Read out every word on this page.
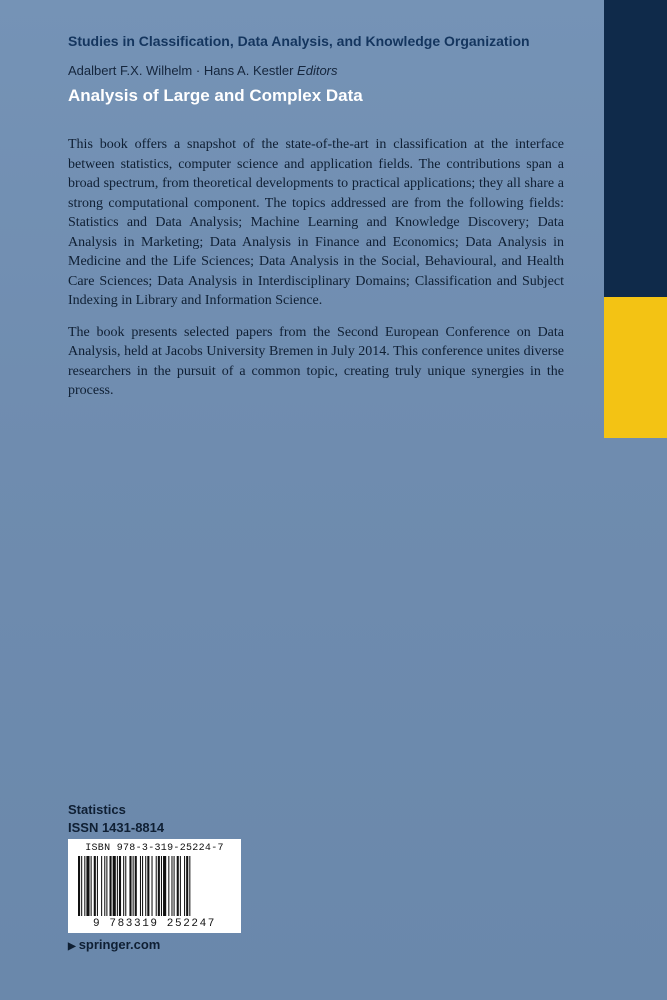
Studies in Classification, Data Analysis, and Knowledge Organization
Adalbert F.X. Wilhelm · Hans A. Kestler Editors
Analysis of Large and Complex Data

This book offers a snapshot of the state-of-the-art in classification at the interface between statistics, computer science and application fields. The contributions span a broad spectrum, from theoretical developments to practical applications; they all share a strong computational component. The topics addressed are from the following fields: Statistics and Data Analysis; Machine Learning and Knowledge Discovery; Data Analysis in Marketing; Data Analysis in Finance and Economics; Data Analysis in Medicine and the Life Sciences; Data Analysis in the Social, Behavioural, and Health Care Sciences; Data Analysis in Interdisciplinary Domains; Classification and Subject Indexing in Library and Information Science.

The book presents selected papers from the Second European Conference on Data Analysis, held at Jacobs University Bremen in July 2014. This conference unites diverse researchers in the pursuit of a common topic, creating truly unique synergies in the process.

Statistics
ISSN 1431-8814
ISBN 978-3-319-25224-7
9 783319 252247
▶ springer.com
